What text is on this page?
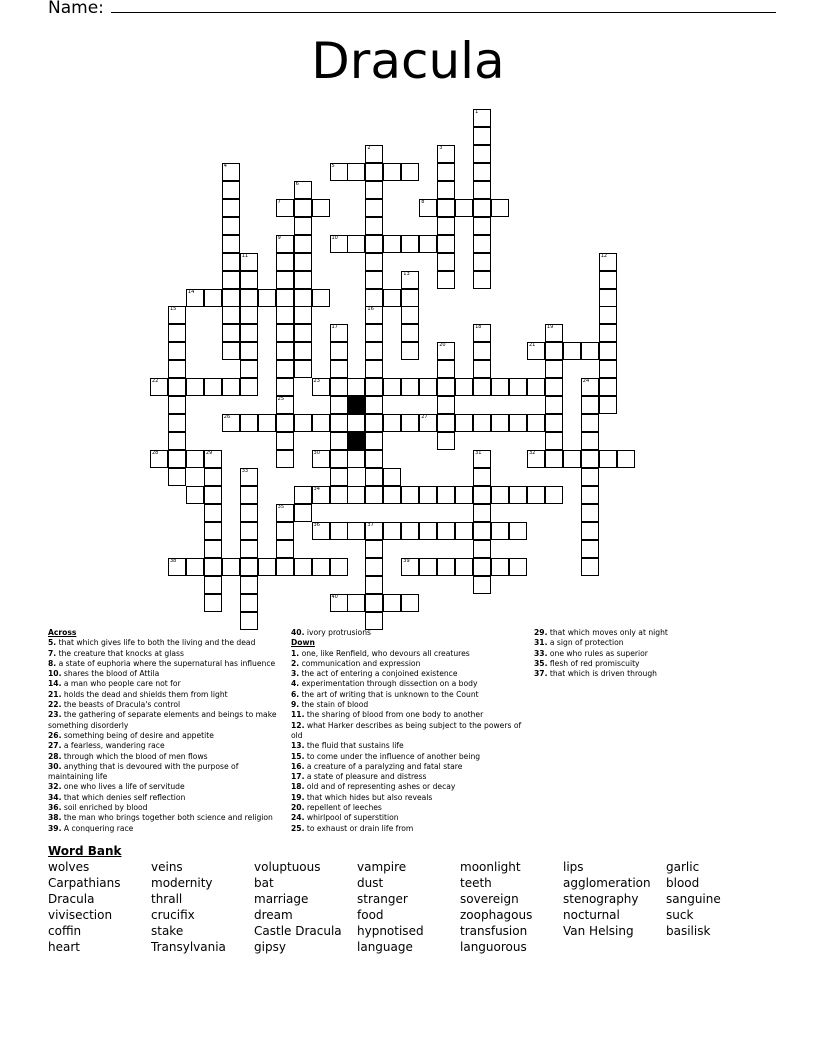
Name:
Dracula
1
2	3
4	5
6
7	8
9
25
10
11	12
13
14
15	16
17	18	19
20	21
22	23	24
26	27
28	29	30	31	32
33
34
35
36	37
38	39
40
Across
5. that which gives life to both the living and the dead
7. the creature that knocks at glass
8. a state of euphoria where the supernatural has influence
10. shares the blood of Attila
14. a man who people care not for
21. holds the dead and shields them from light
22. the beasts of Dracula's control
23. the gathering of separate elements and beings to make something disorderly
26. something being of desire and appetite
27. a fearless, wandering race
28. through which the blood of men flows
30. anything that is devoured with the purpose of maintaining life
32. one who lives a life of servitude
34. that which denies self reflection
36. soil enriched by blood
38. the man who brings together both science and religion
39. A conquering race
40. ivory protrusions
Down
1. one, like Renfield, who devours all creatures
2. communication and expression
3. the act of entering a conjoined existence
4. experimentation through dissection on a body
6. the art of writing that is unknown to the Count
9. the stain of blood
11. the sharing of blood from one body to another
12. what Harker describes as being subject to the powers of old
13. the fluid that sustains life
15. to come under the influence of another being
16. a creature of a paralyzing and fatal stare
17. a state of pleasure and distress
18. old and of representing ashes or decay
19. that which hides but also reveals
20. repellent of leeches
24. whirlpool of superstition
25. to exhaust or drain life from
29. that which moves only at night
31. a sign of protection
33. one who rules as superior
35. flesh of red promiscuity
37. that which is driven through
Word Bank
wolves	veins	voluptuous	vampire	moonlight	lips	garlic
Carpathians	modernity	bat	dust	teeth	agglomeration	blood
Dracula	thrall	marriage	stranger	sovereign	stenography	sanguine
vivisection	crucifix	dream	food	zoophagous	nocturnal	suck
coffin	stake	Castle Dracula	hypnotised	transfusion	Van Helsing	basilisk
heart	Transylvania	gipsy	language	languorous
